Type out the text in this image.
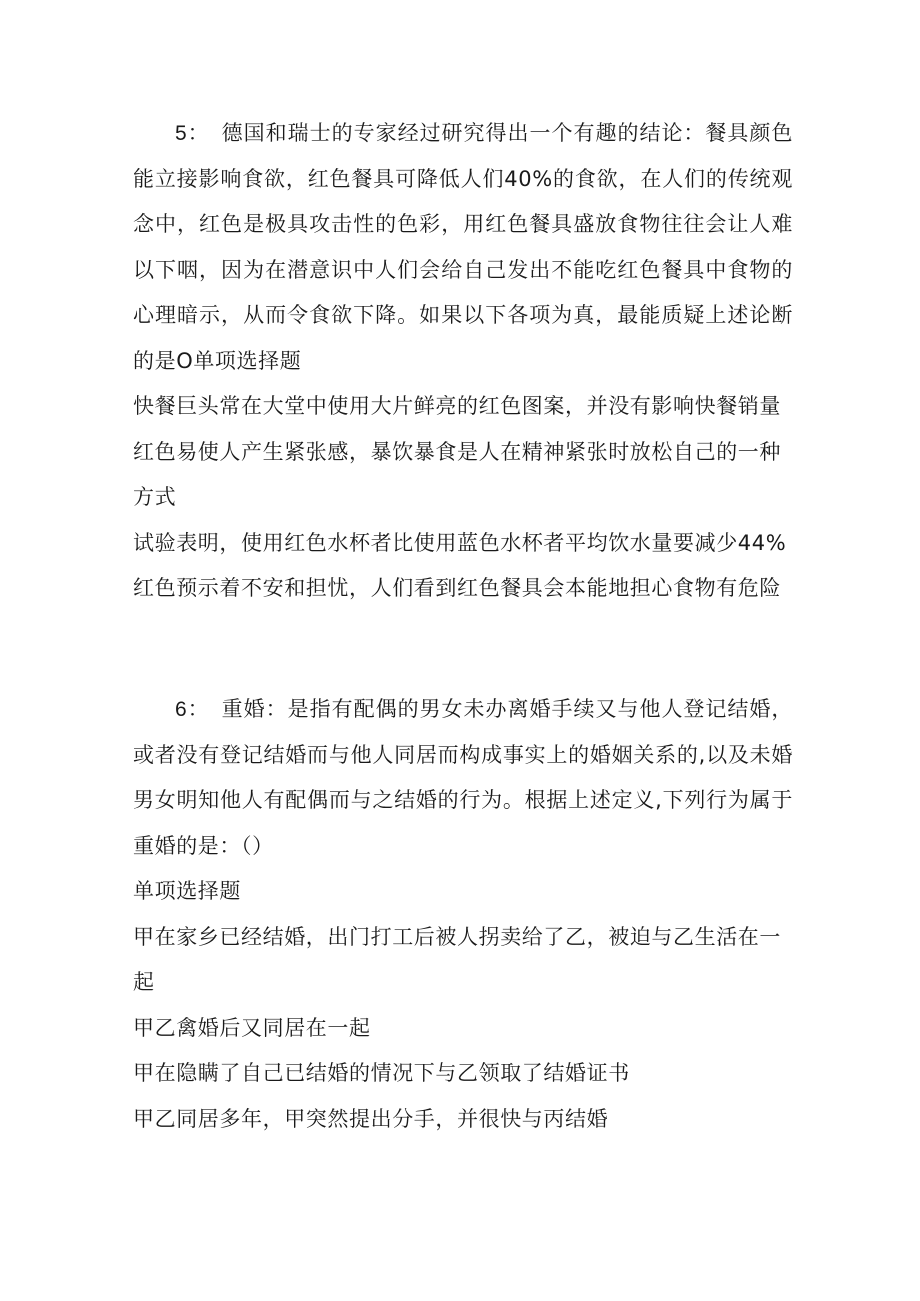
5： 德国和瑞士的专家经过研究得出一个有趣的结论：餐具颜色能立接影响食欲，红色餐具可降低人们40%的食欲，在人们的传统观念中，红色是极具攻击性的色彩，用红色餐具盛放食物往往会让人难以下咽，因为在潜意识中人们会给自己发出不能吃红色餐具中食物的心理暗示，从而令食欲下降。如果以下各项为真，最能质疑上述论断的是O单项选择题

快餐巨头常在大堂中使用大片鲜亮的红色图案，并没有影响快餐销量

红色易使人产生紧张感，暴饮暴食是人在精神紧张时放松自己的一种方式

试验表明，使用红色水杯者比使用蓝色水杯者平均饮水量要减少44%

红色预示着不安和担忧，人们看到红色餐具会本能地担心食物有危险

6： 重婚：是指有配偶的男女未办离婚手续又与他人登记结婚，或者没有登记结婚而与他人同居而构成事实上的婚姻关系的,以及未婚男女明知他人有配偶而与之结婚的行为。根据上述定义,下列行为属于重婚的是：（）

单项选择题

甲在家乡已经结婚，出门打工后被人拐卖给了乙，被迫与乙生活在一起

甲乙禽婚后又同居在一起

甲在隐瞒了自己已结婚的情况下与乙领取了结婚证书

甲乙同居多年，甲突然提出分手，并很快与丙结婚
